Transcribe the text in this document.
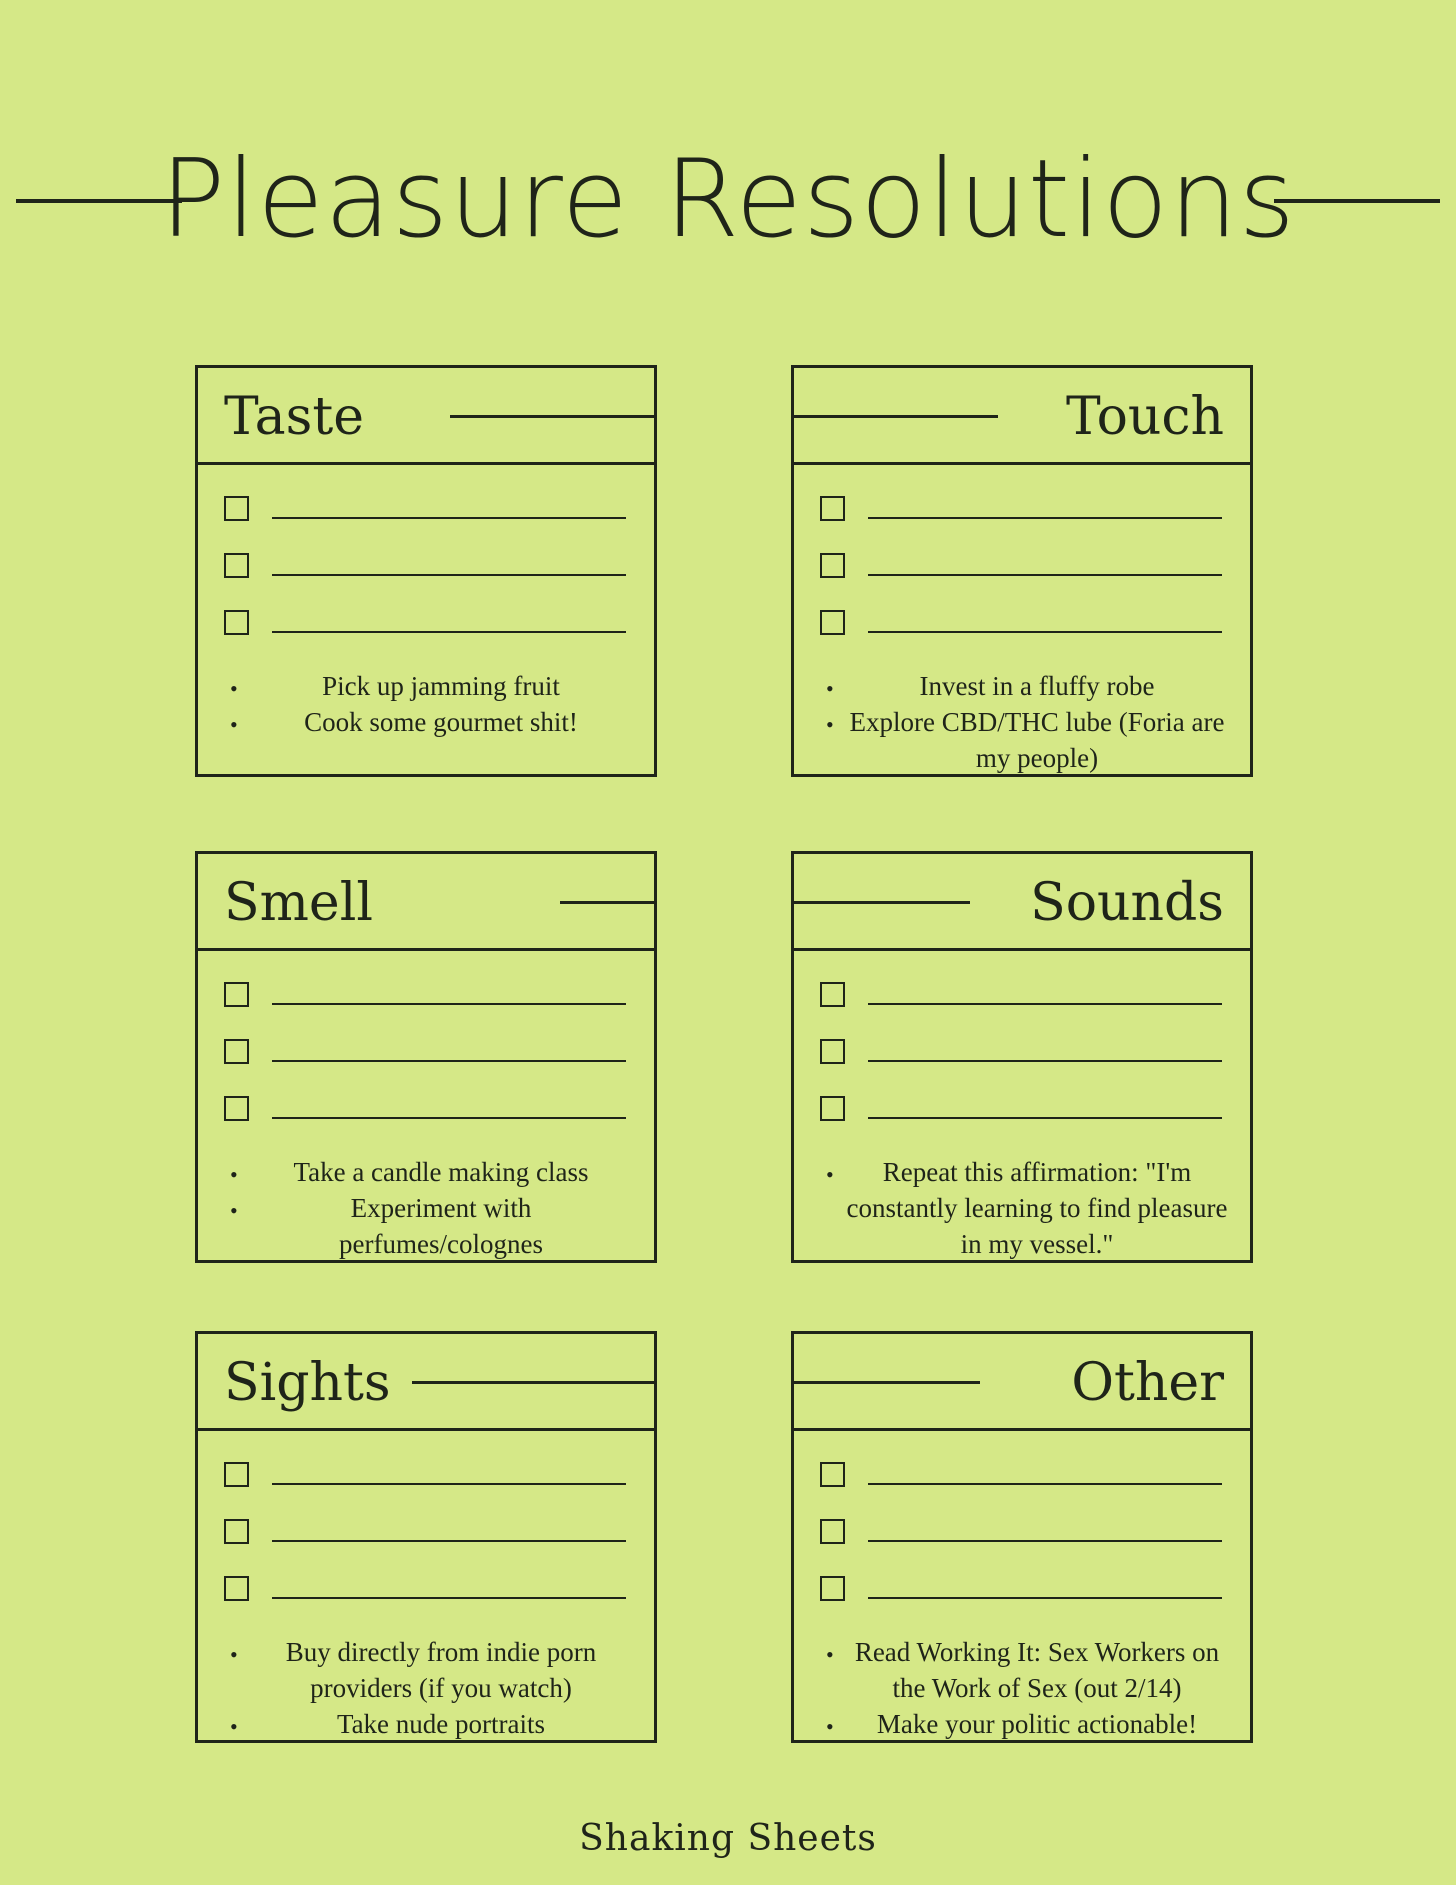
Pleasure Resolutions
Taste
• Pick up jamming fruit
• Cook some gourmet shit!
Touch
• Invest in a fluffy robe
• Explore CBD/THC lube (Foria are my people)
Smell
• Take a candle making class
• Experiment with perfumes/colognes
Sounds
• Repeat this affirmation: "I'm constantly learning to find pleasure in my vessel."
Sights
• Buy directly from indie porn providers (if you watch)
• Take nude portraits
Other
• Read Working It: Sex Workers on the Work of Sex (out 2/14)
• Make your politic actionable!
Shaking Sheets
